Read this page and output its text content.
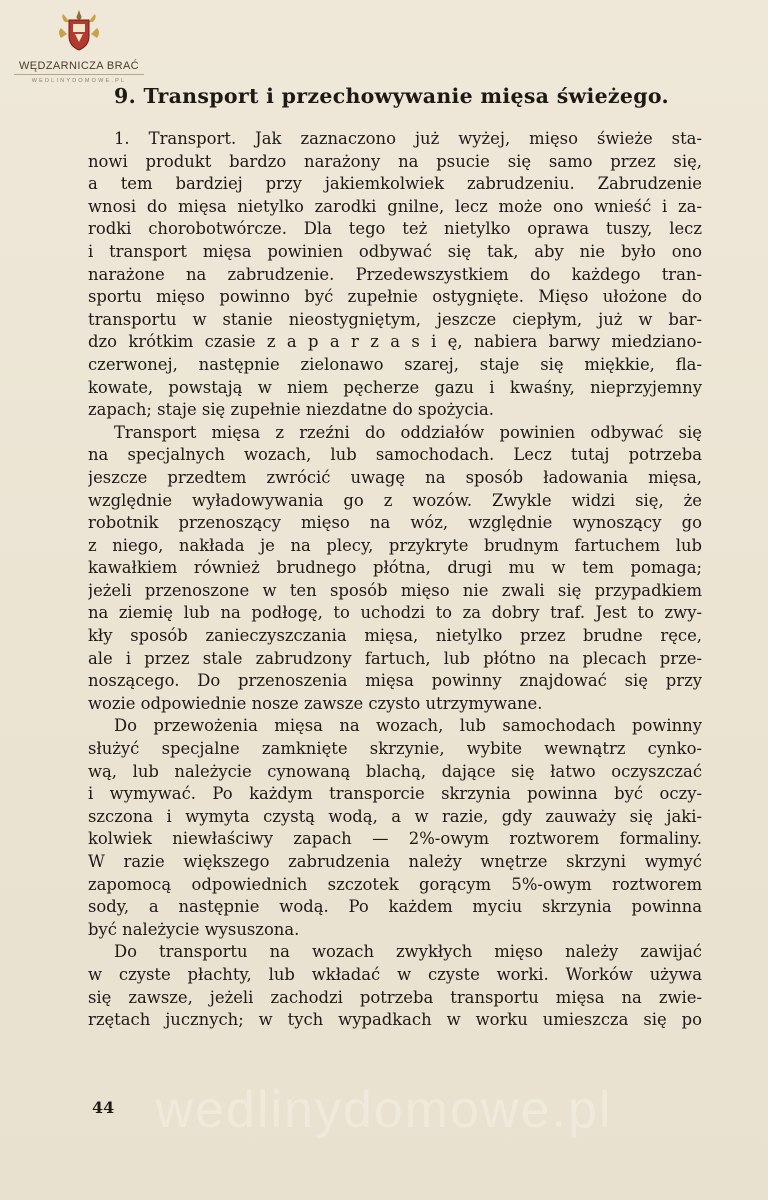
WĘDZARNICZA BRAĆ
WEDLINYDOMOWE.PL
9. Transport i przechowywanie mięsa świeżego.
1. Transport. Jak zaznaczono już wyżej, mięso świeże sta-
nowi produkt bardzo narażony na psucie się samo przez się,
a tem bardziej przy jakiemkolwiek zabrudzeniu. Zabrudzenie
wnosi do mięsa nietylko zarodki gnilne, lecz może ono wnieść i za-
rodki chorobotwórcze. Dla tego też nietylko oprawa tuszy, lecz
i transport mięsa powinien odbywać się tak, aby nie było ono
narażone na zabrudzenie. Przedewszystkiem do każdego tran-
sportu mięso powinno być zupełnie ostygnięte. Mięso ułożone do
transportu w stanie nieostygniętym, jeszcze ciepłym, już w bar-
dzo krótkim czasie z a p a r z a s i ę, nabiera barwy miedziano-
czerwonej, następnie zielonawo szarej, staje się miękkie, fla-
kowate, powstają w niem pęcherze gazu i kwaśny, nieprzyjemny
zapach; staje się zupełnie niezdatne do spożycia.
Transport mięsa z rzeźni do oddziałów powinien odbywać się
na specjalnych wozach, lub samochodach. Lecz tutaj potrzeba
jeszcze przedtem zwrócić uwagę na sposób ładowania mięsa,
względnie wyładowywania go z wozów. Zwykle widzi się, że
robotnik przenoszący mięso na wóz, względnie wynoszący go
z niego, nakłada je na plecy, przykryte brudnym fartuchem lub
kawałkiem również brudnego płótna, drugi mu w tem pomaga;
jeżeli przenoszone w ten sposób mięso nie zwali się przypadkiem
na ziemię lub na podłogę, to uchodzi to za dobry traf. Jest to zwy-
kły sposób zanieczyszczania mięsa, nietylko przez brudne ręce,
ale i przez stale zabrudzony fartuch, lub płótno na plecach prze-
noszącego. Do przenoszenia mięsa powinny znajdować się przy
wozie odpowiednie nosze zawsze czysto utrzymywane.
Do przewożenia mięsa na wozach, lub samochodach powinny
służyć specjalne zamknięte skrzynie, wybite wewnątrz cynko-
wą, lub należycie cynowaną blachą, dające się łatwo oczyszczać
i wymywać. Po każdym transporcie skrzynia powinna być oczy-
szczona i wymyta czystą wodą, a w razie, gdy zauważy się jaki-
kolwiek niewłaściwy zapach — 2%-owym roztworem formaliny.
W razie większego zabrudzenia należy wnętrze skrzyni wymyć
zapomocą odpowiednich szczotek gorącym 5%-owym roztworem
sody, a następnie wodą. Po każdem myciu skrzynia powinna
być należycie wysuszona.
Do transportu na wozach zwykłych mięso należy zawijać
w czyste płachty, lub wkładać w czyste worki. Worków używa
się zawsze, jeżeli zachodzi potrzeba transportu mięsa na zwie-
rzętach jucznych; w tych wypadkach w worku umieszcza się po
44 wedlinydomowe.pl
